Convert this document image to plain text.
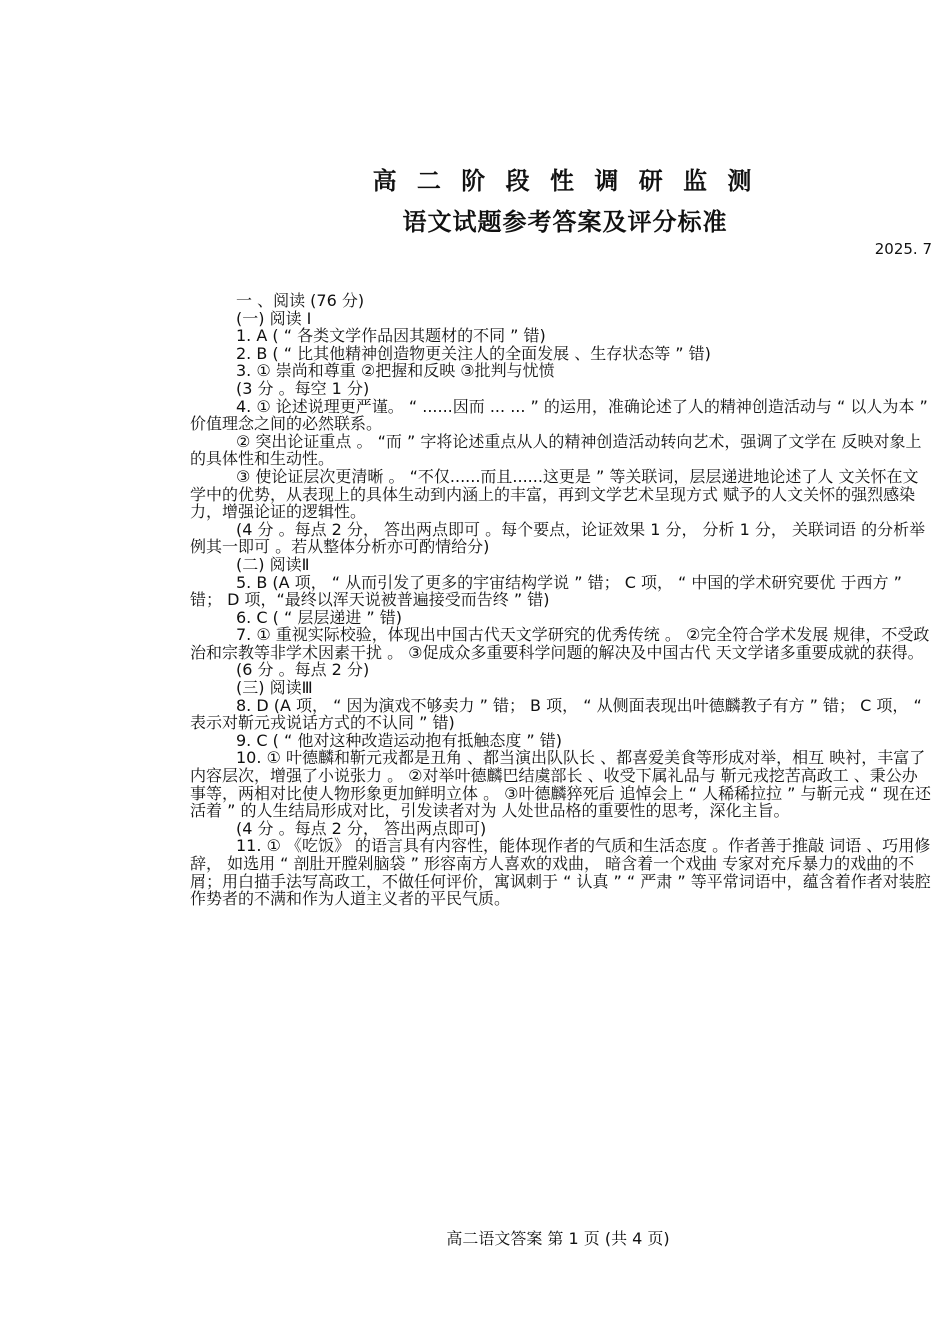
高 二 阶 段 性 调 研 监 测
语文试题参考答案及评分标准
2025. 7

一 、阅读 (76 分)

(一) 阅读 Ⅰ

1. A ( “ 各类文学作品因其题材的不同 ” 错)

2. B ( “ 比其他精神创造物更关注人的全面发展 、生存状态等 ” 错)

3. ① 崇尚和尊重 ②把握和反映 ③批判与忧愤

(3 分 。每空 1 分)

4. ① 论述说理更严谨。 “ ......因而 ... ... ” 的运用，准确论述了人的精神创造活动与 “ 以人为本 ” 价值理念之间的必然联系。

② 突出论证重点 。 “而 ” 字将论述重点从人的精神创造活动转向艺术，强调了文学在 反映对象上的具体性和生动性。

③ 使论证层次更清晰 。 “不仅......而且......这更是 ” 等关联词，层层递进地论述了人 文关怀在文学中的优势，从表现上的具体生动到内涵上的丰富，再到文学艺术呈现方式 赋予的人文关怀的强烈感染力，增强论证的逻辑性。

(4 分 。每点 2 分， 答出两点即可 。每个要点，论证效果 1 分， 分析 1 分， 关联词语 的分析举例其一即可 。若从整体分析亦可酌情给分)

(二) 阅读Ⅱ

5. B (A 项， “ 从而引发了更多的宇宙结构学说 ” 错； C 项， “ 中国的学术研究要优 于西方 ” 错； D 项，“最终以浑天说被普遍接受而告终 ” 错)

6. C ( “ 层层递进 ” 错)

7. ① 重视实际校验，体现出中国古代天文学研究的优秀传统 。 ②完全符合学术发展 规律，不受政治和宗教等非学术因素干扰 。 ③促成众多重要科学问题的解决及中国古代 天文学诸多重要成就的获得。

(6 分 。每点 2 分)

(三) 阅读Ⅲ

8. D (A 项， “ 因为演戏不够卖力 ” 错； B 项， “ 从侧面表现出叶德麟教子有方 ” 错； C 项， “ 表示对靳元戎说话方式的不认同 ” 错)

9. C ( “ 他对这种改造运动抱有抵触态度 ” 错)

10. ① 叶德麟和靳元戎都是丑角 、都当演出队队长 、都喜爱美食等形成对举，相互 映衬，丰富了内容层次，增强了小说张力 。 ②对举叶德麟巴结虞部长 、收受下属礼品与 靳元戎挖苦高政工 、秉公办事等，两相对比使人物形象更加鲜明立体 。 ③叶德麟猝死后 追悼会上 “ 人稀稀拉拉 ” 与靳元戎 “ 现在还活着 ” 的人生结局形成对比，引发读者对为 人处世品格的重要性的思考，深化主旨。

(4 分 。每点 2 分， 答出两点即可)

11. ① 《吃饭》 的语言具有内容性，能体现作者的气质和生活态度 。作者善于推敲 词语 、巧用修辞， 如选用 “ 剖肚开膛剁脑袋 ” 形容南方人喜欢的戏曲， 暗含着一个戏曲 专家对充斥暴力的戏曲的不屑；用白描手法写高政工，不做任何评价，寓讽刺于 “ 认真 ” “ 严肃 ” 等平常词语中，蕴含着作者对装腔作势者的不满和作为人道主义者的平民气质。

高二语文答案 第 1 页 (共 4 页)
